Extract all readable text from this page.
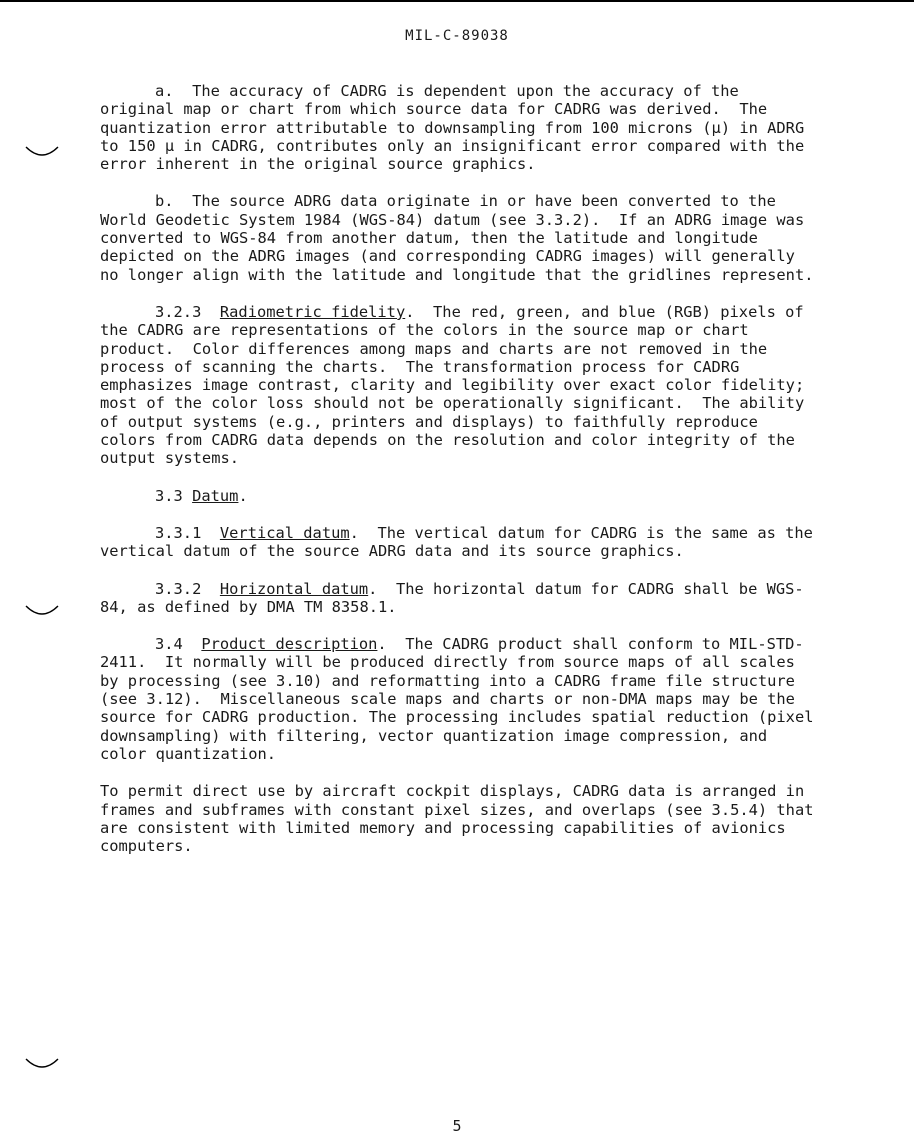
MIL-C-89038

a. The accuracy of CADRG is dependent upon the accuracy of the original map or chart from which source data for CADRG was derived.  The quantization error attributable to downsampling from 100 microns (µ) in ADRG to 150 µ in CADRG, contributes only an insignificant error compared with the error inherent in the original source graphics.

b. The source ADRG data originate in or have been converted to the World Geodetic System 1984 (WGS-84) datum (see 3.3.2).  If an ADRG image was converted to WGS-84 from another datum, then the latitude and longitude depicted on the ADRG images (and corresponding CADRG images) will generally no longer align with the latitude and longitude that the gridlines represent.

3.2.3 Radiometric fidelity.  The red, green, and blue (RGB) pixels of the CADRG are representations of the colors in the source map or chart product.  Color differences among maps and charts are not removed in the process of scanning the charts.  The transformation process for CADRG emphasizes image contrast, clarity and legibility over exact color fidelity; most of the color loss should not be operationally significant.  The ability of output systems (e.g., printers and displays) to faithfully reproduce colors from CADRG data depends on the resolution and color integrity of the output systems.

3.3 Datum.

3.3.1 Vertical datum.  The vertical datum for CADRG is the same as the vertical datum of the source ADRG data and its source graphics.

3.3.2 Horizontal datum.  The horizontal datum for CADRG shall be WGS-84, as defined by DMA TM 8358.1.

3.4 Product description.  The CADRG product shall conform to MIL-STD-2411.  It normally will be produced directly from source maps of all scales by processing (see 3.10) and reformatting into a CADRG frame file structure (see 3.12).  Miscellaneous scale maps and charts or non-DMA maps may be the source for CADRG production. The processing includes spatial reduction (pixel downsampling) with filtering, vector quantization image compression, and color quantization.

To permit direct use by aircraft cockpit displays, CADRG data is arranged in frames and subframes with constant pixel sizes, and overlaps (see 3.5.4) that are consistent with limited memory and processing capabilities of avionics computers.

5
